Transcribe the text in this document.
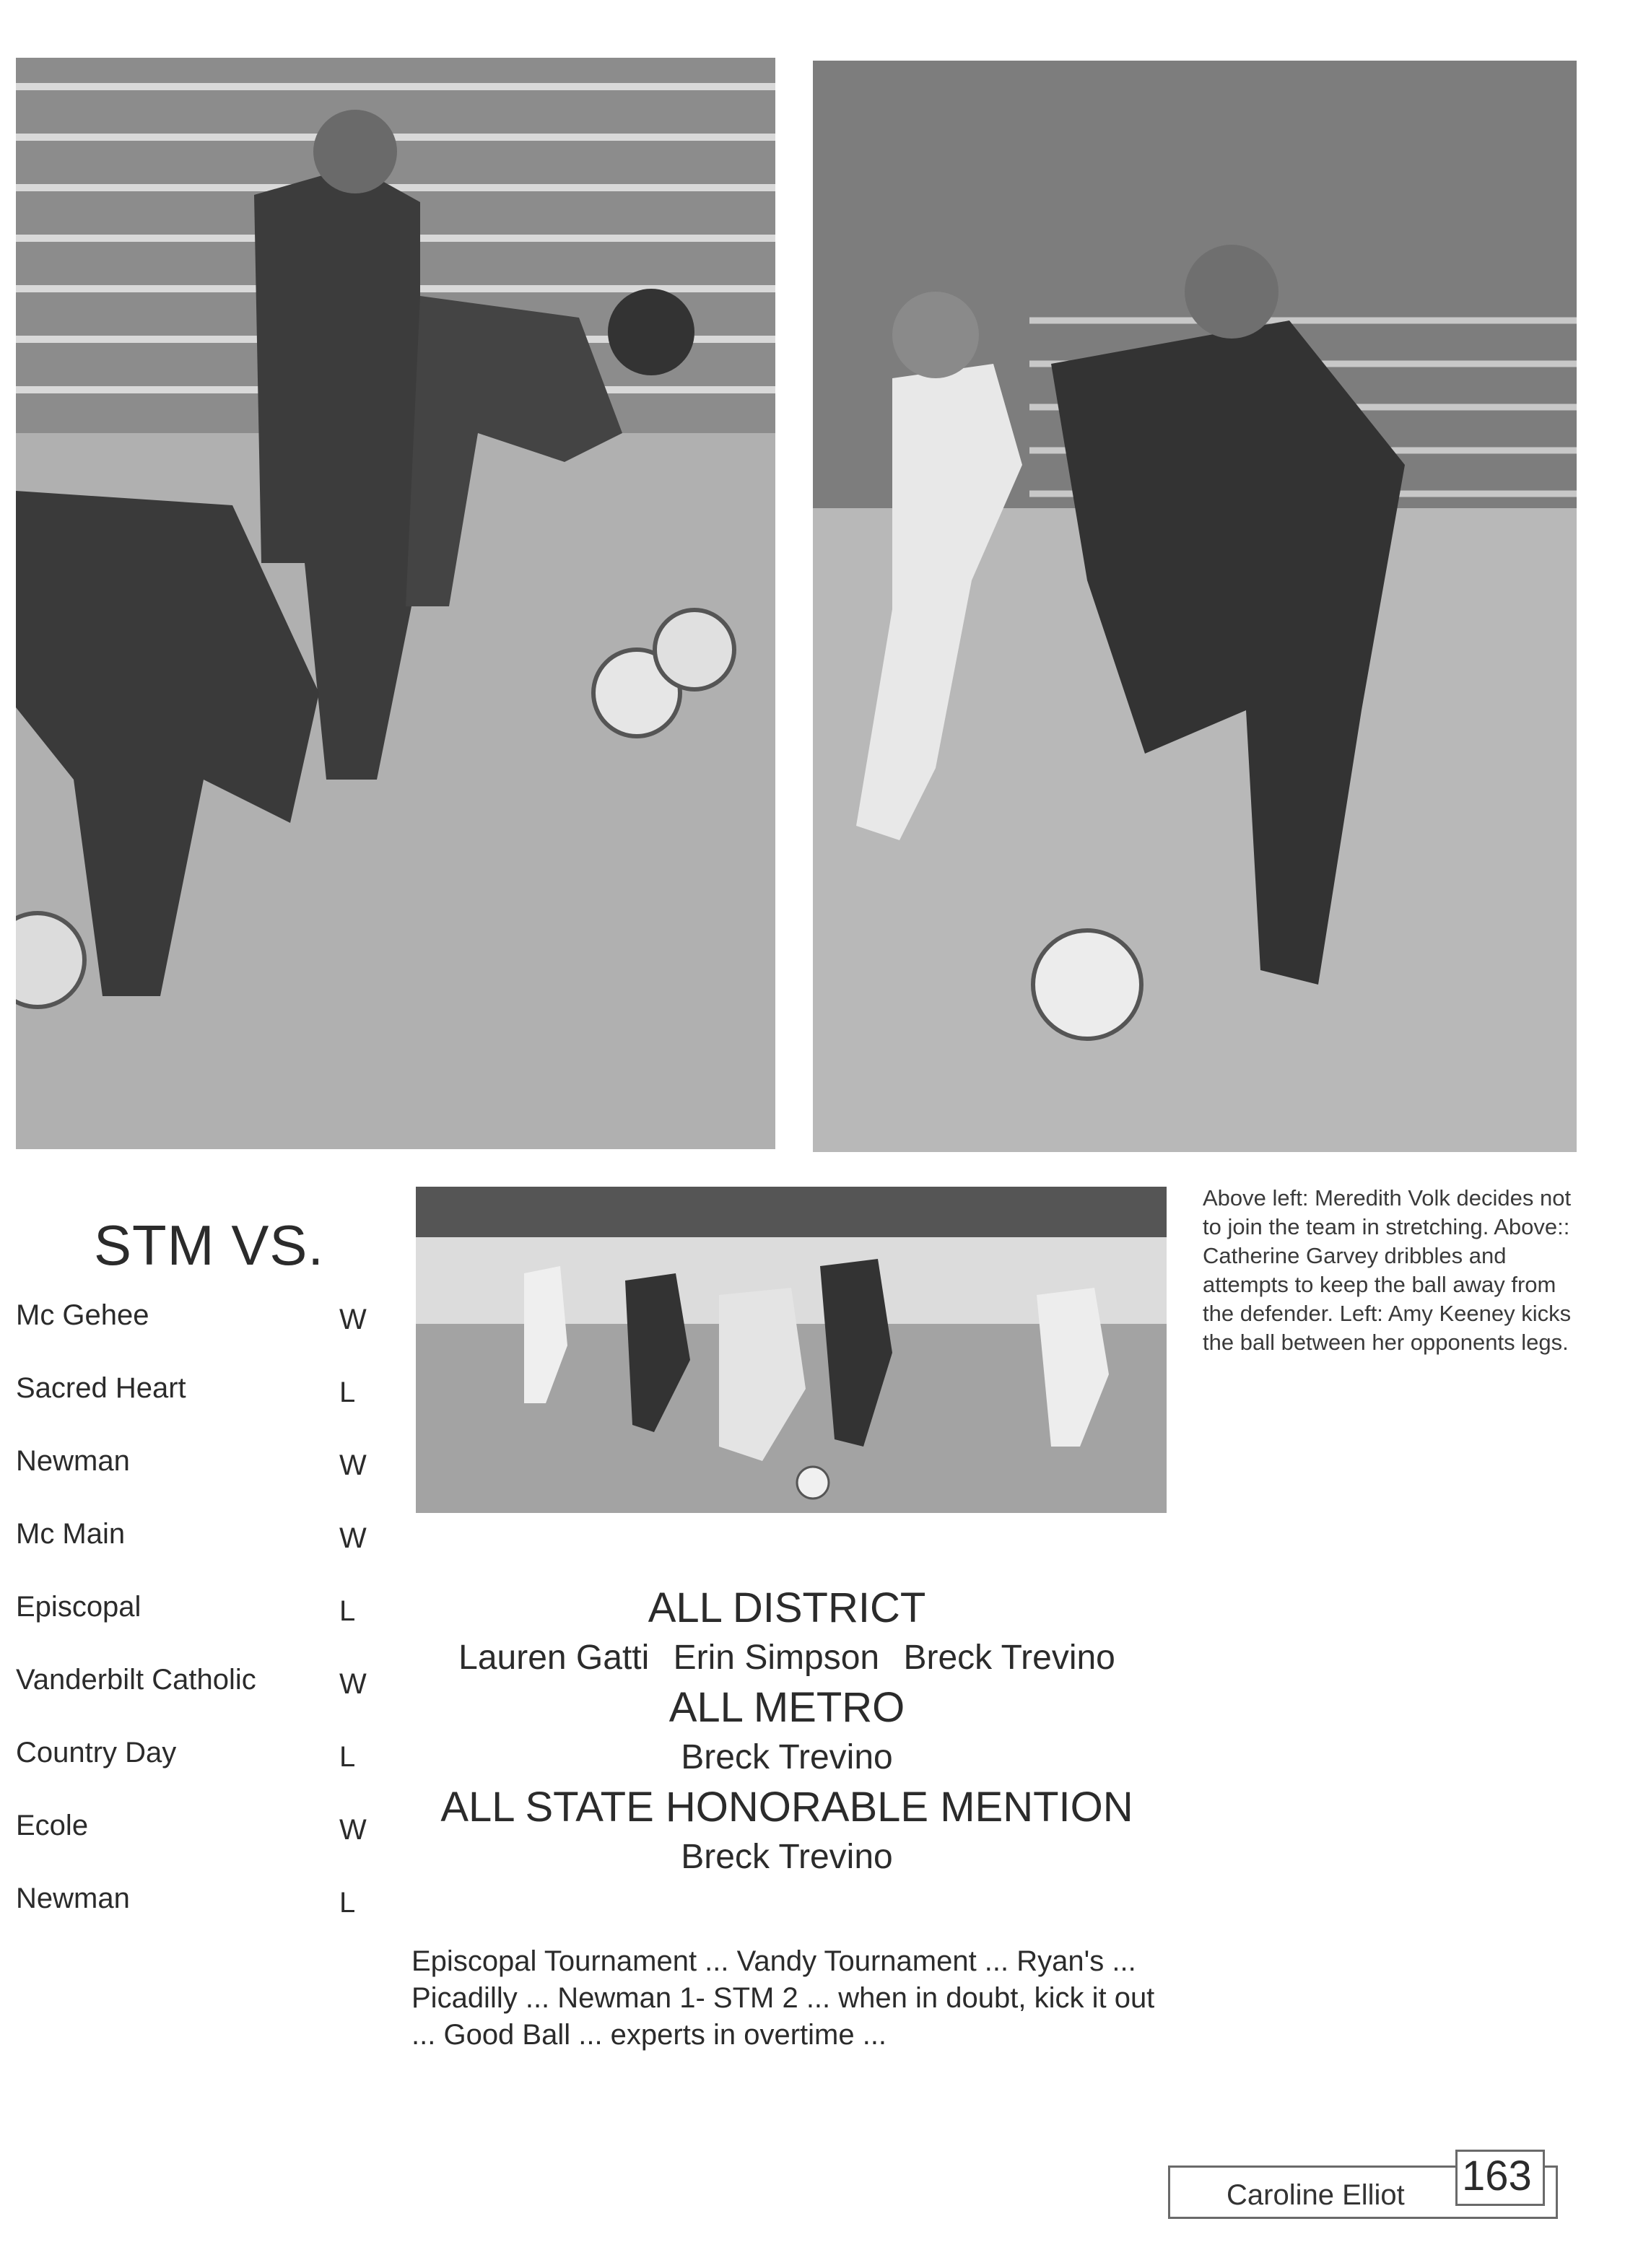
STM VS.
Mc Gehee	W
Sacred Heart	L
Newman	W
Mc Main	W
Episcopal	L
Vanderbilt Catholic	W
Country Day	L
Ecole	W
Newman	L
Above left: Meredith Volk decides not to join the team in stretching. Above:: Catherine Garvey dribbles and attempts to keep the ball away from the defender. Left: Amy Keeney kicks the ball between her opponents legs.
ALL DISTRICT
Lauren Gatti Erin Simpson Breck Trevino
ALL METRO
Breck Trevino
ALL STATE HONORABLE MENTION
Breck Trevino
Episcopal Tournament ... Vandy Tournament ... Ryan's ... Picadilly ... Newman 1- STM 2 ... when in doubt, kick it out ... Good Ball ... experts in overtime ...
Caroline Elliot 163
